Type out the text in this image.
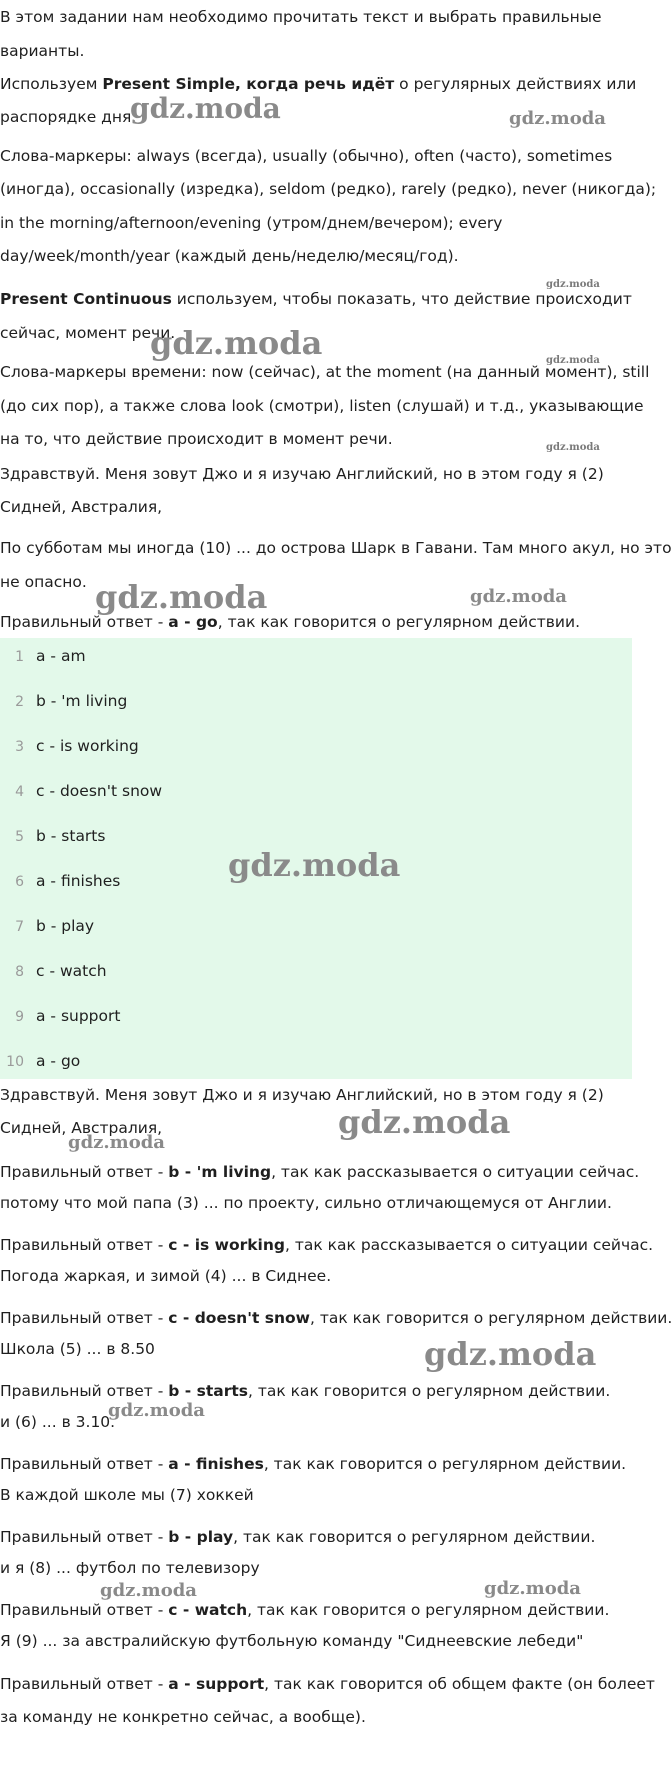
В этом задании нам необходимо прочитать текст и выбрать правильные
варианты.
Используем Present Simple, когда речь идёт о регулярных действиях или
распорядке дня.
Слова-маркеры: always (всегда), usually (обычно), often (часто), sometimes
(иногда), occasionally (изредка), seldom (редко), rarely (редко), never (никогда);
in the morning/afternoon/evening (утром/днем/вечером); every
day/week/month/year (каждый день/неделю/месяц/год).
Present Continuous используем, чтобы показать, что действие происходит
сейчас, момент речи.
Слова-маркеры времени: now (сейчас), at the moment (на данный момент), still
(до сих пор), а также слова look (смотри), listen (слушай) и т.д., указывающие
на то, что действие происходит в момент речи.
Здравствуй. Меня зовут Джо и я изучаю Английский, но в этом году я (2)
Сидней, Австралия,
По субботам мы иногда (10) ... до острова Шарк в Гавани. Там много акул, но это
не опасно.
Правильный ответ - a - go, так как говорится о регулярном действии.
1 a - am
2 b - 'm living
3 c - is working
4 c - doesn't snow
5 b - starts
6 a - finishes
7 b - play
8 c - watch
9 a - support
10 a - go
Здравствуй. Меня зовут Джо и я изучаю Английский, но в этом году я (2)
Сидней, Австралия,
Правильный ответ - b - 'm living, так как рассказывается о ситуации сейчас.
потому что мой папа (3) ... по проекту, сильно отличающемуся от Англии.
Правильный ответ - c - is working, так как рассказывается о ситуации сейчас.
Погода жаркая, и зимой (4) ... в Сиднее.
Правильный ответ - c - doesn't snow, так как говорится о регулярном действии.
Школа (5) ... в 8.50
Правильный ответ - b - starts, так как говорится о регулярном действии.
и (6) ... в 3.10.
Правильный ответ - a - finishes, так как говорится о регулярном действии.
В каждой школе мы (7) хоккей
Правильный ответ - b - play, так как говорится о регулярном действии.
и я (8) ... футбол по телевизору
Правильный ответ - c - watch, так как говорится о регулярном действии.
Я (9) ... за австралийскую футбольную команду "Сиднеевские лебеди"
Правильный ответ - a - support, так как говорится об общем факте (он болеет
за команду не конкретно сейчас, а вообще).
gdz.moda	gdz.moda
gdz.moda
gdz.moda	gdz.moda
gdz.moda
gdz.moda	gdz.moda
gdz.moda
gdz.moda
gdz.moda
gdz.moda
gdz.moda
gdz.moda	gdz.moda
